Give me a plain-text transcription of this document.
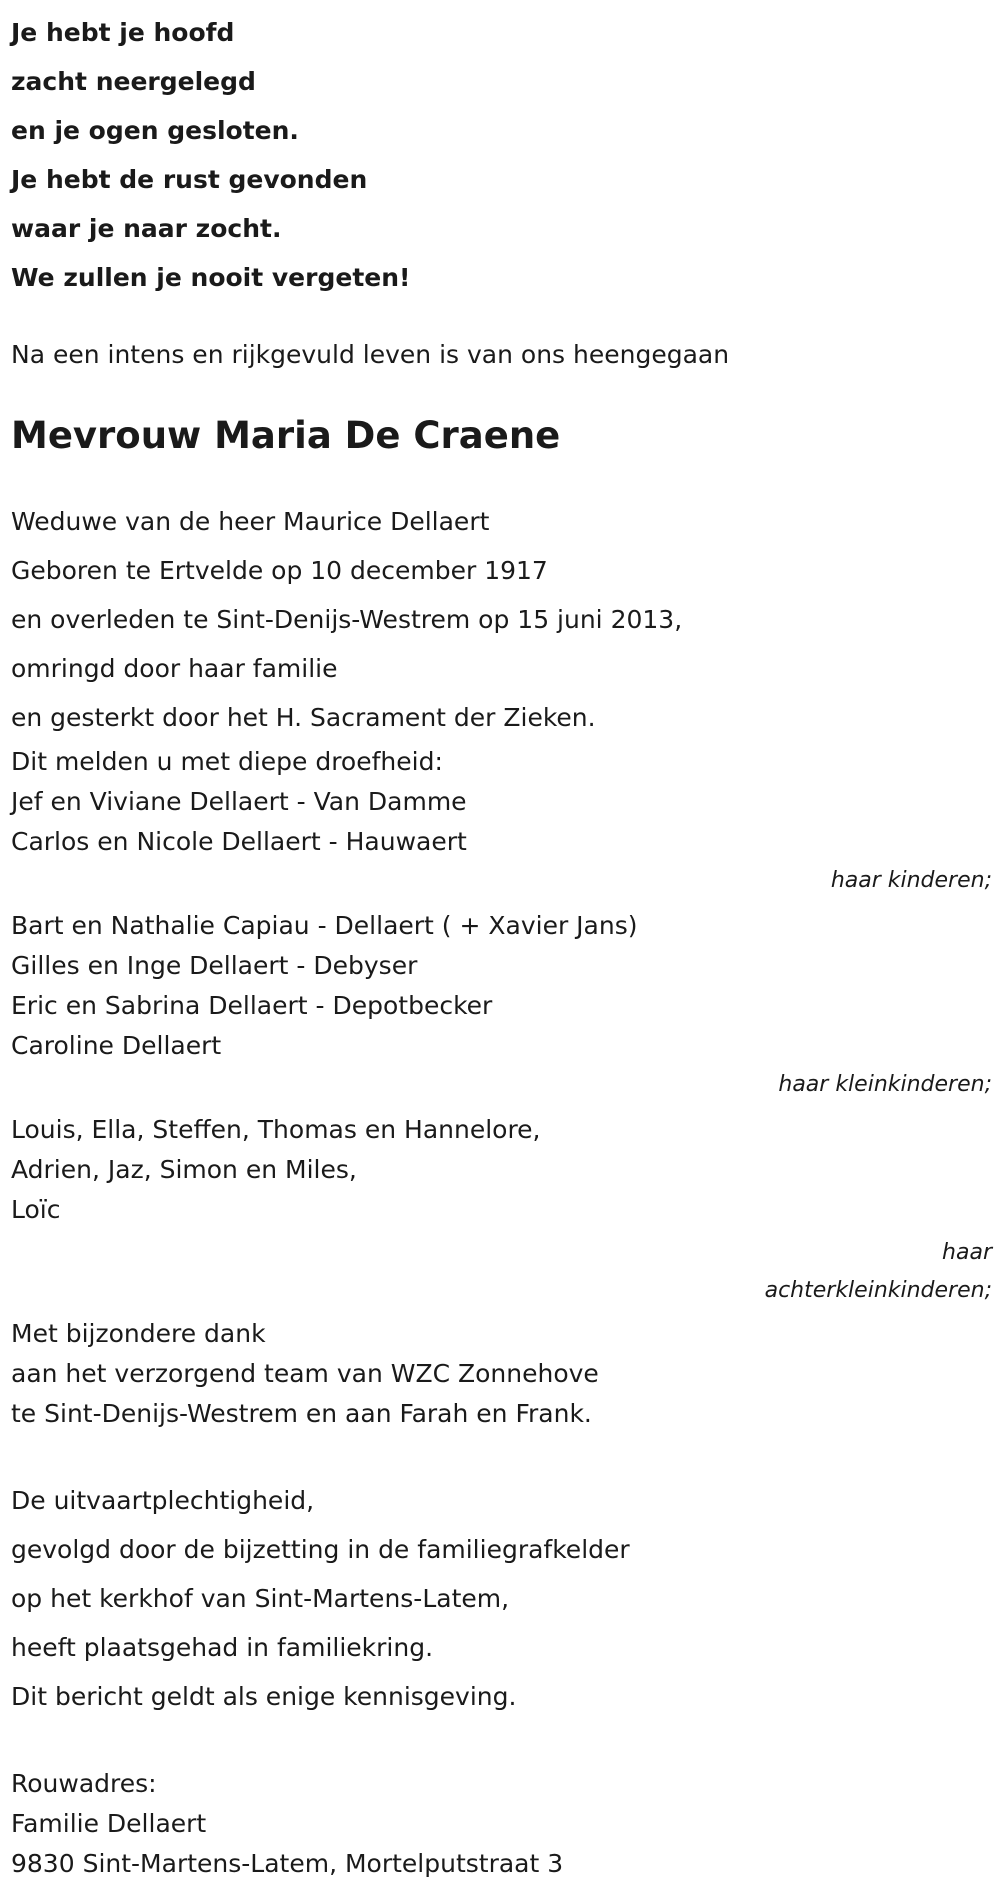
Je hebt je hoofd
zacht neergelegd
en je ogen gesloten.
Je hebt de rust gevonden
waar je naar zocht.
We zullen je nooit vergeten!
Na een intens en rijkgevuld leven is van ons heengegaan
Mevrouw Maria De Craene
Weduwe van de heer Maurice Dellaert
Geboren te Ertvelde op 10 december 1917
en overleden te Sint-Denijs-Westrem op 15 juni 2013,
omringd door haar familie
en gesterkt door het H. Sacrament der Zieken.
Dit melden u met diepe droefheid:
Jef en Viviane Dellaert - Van Damme
Carlos en Nicole Dellaert - Hauwaert
haar kinderen;
Bart en Nathalie Capiau - Dellaert ( + Xavier Jans)
Gilles en Inge Dellaert - Debyser
Eric en Sabrina Dellaert - Depotbecker
Caroline Dellaert
haar kleinkinderen;
Louis, Ella, Steffen, Thomas en Hannelore,
Adrien, Jaz, Simon en Miles,
Loïc
haar
achterkleinkinderen;
Met bijzondere dank
aan het verzorgend team van WZC Zonnehove
te Sint-Denijs-Westrem en aan Farah en Frank.
De uitvaartplechtigheid,
gevolgd door de bijzetting in de familiegrafkelder
op het kerkhof van Sint-Martens-Latem,
heeft plaatsgehad in familiekring.
Dit bericht geldt als enige kennisgeving.
Rouwadres:
Familie Dellaert
9830 Sint-Martens-Latem, Mortelputstraat 3
